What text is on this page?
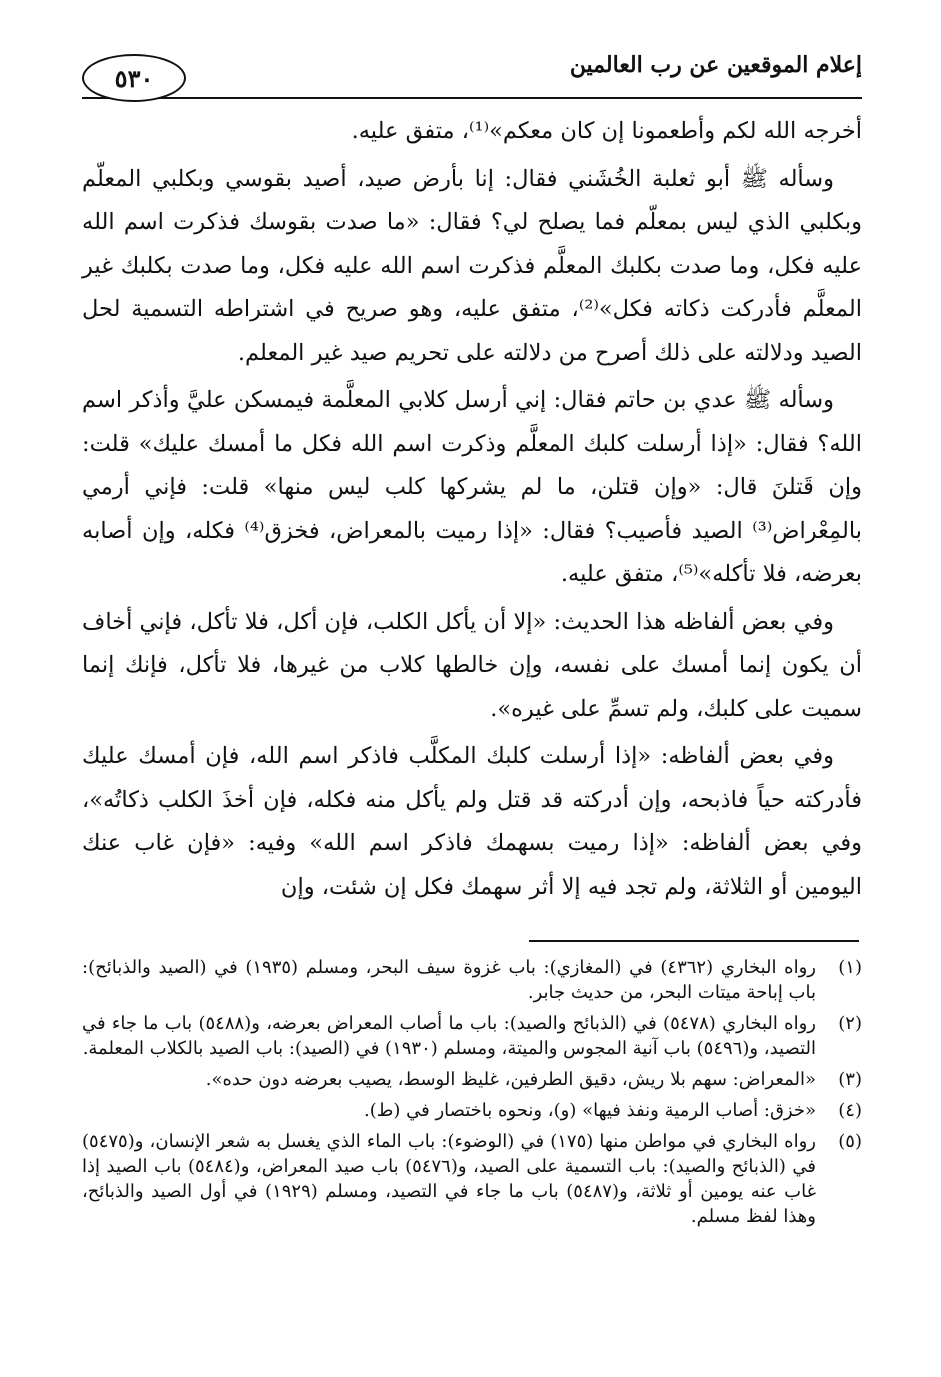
إعلام الموقعين عن رب العالمين
٥٣٠

أخرجه الله لكم وأطعمونا إن كان معكم»⁽¹⁾، متفق عليه.

وسأله ﷺ أبو ثعلبة الخُشَني فقال: إنا بأرض صيد، أصيد بقوسي وبكلبي المعلّم وبكلبي الذي ليس بمعلّم فما يصلح لي؟ فقال: «ما صدت بقوسك فذكرت اسم الله عليه فكل، وما صدت بكلبك المعلَّم فذكرت اسم الله عليه فكل، وما صدت بكلبك غير المعلَّم فأدركت ذكاته فكل»⁽²⁾، متفق عليه، وهو صريح في اشتراطه التسمية لحل الصيد ودلالته على ذلك أصرح من دلالته على تحريم صيد غير المعلم.

وسأله ﷺ عدي بن حاتم فقال: إني أرسل كلابي المعلَّمة فيمسكن عليَّ وأذكر اسم الله؟ فقال: «إذا أرسلت كلبك المعلَّم وذكرت اسم الله فكل ما أمسك عليك» قلت: وإن قَتلنَ قال: «وإن قتلن، ما لم يشركها كلب ليس منها» قلت: فإني أرمي بالمِعْراض⁽³⁾ الصيد فأصيب؟ فقال: «إذا رميت بالمعراض، فخزق⁽⁴⁾ فكله، وإن أصابه بعرضه، فلا تأكله»⁽⁵⁾، متفق عليه.

وفي بعض ألفاظه هذا الحديث: «إلا أن يأكل الكلب، فإن أكل، فلا تأكل، فإني أخاف أن يكون إنما أمسك على نفسه، وإن خالطها كلاب من غيرها، فلا تأكل، فإنك إنما سميت على كلبك، ولم تسمِّ على غيره».

وفي بعض ألفاظه: «إذا أرسلت كلبك المكلَّب فاذكر اسم الله، فإن أمسك عليك فأدركته حياً فاذبحه، وإن أدركته قد قتل ولم يأكل منه فكله، فإن أخذَ الكلب ذكاتُه»، وفي بعض ألفاظه: «إذا رميت بسهمك فاذكر اسم الله» وفيه: «فإن غاب عنك اليومين أو الثلاثة، ولم تجد فيه إلا أثر سهمك فكل إن شئت، وإن

(١)
رواه البخاري (٤٣٦٢) في (المغازي): باب غزوة سيف البحر، ومسلم (١٩٣٥) في (الصيد والذبائح): باب إباحة ميتات البحر، من حديث جابر.
(٢)
رواه البخاري (٥٤٧٨) في (الذبائح والصيد): باب ما أصاب المعراض بعرضه، و(٥٤٨٨) باب ما جاء في التصيد، و(٥٤٩٦) باب آنية المجوس والميتة، ومسلم (١٩٣٠) في (الصيد): باب الصيد بالكلاب المعلمة.
(٣)
«المعراض: سهم بلا ريش، دقيق الطرفين، غليظ الوسط، يصيب بعرضه دون حده».
(٤)
«خزق: أصاب الرمية ونفذ فيها» (و)، ونحوه باختصار في (ط).
(٥)
رواه البخاري في مواطن منها (١٧٥) في (الوضوء): باب الماء الذي يغسل به شعر الإنسان، و(٥٤٧٥) في (الذبائح والصيد): باب التسمية على الصيد، و(٥٤٧٦) باب صيد المعراض، و(٥٤٨٤) باب الصيد إذا غاب عنه يومين أو ثلاثة، و(٥٤٨٧) باب ما جاء في التصيد، ومسلم (١٩٢٩) في أول الصيد والذبائح، وهذا لفظ مسلم.
